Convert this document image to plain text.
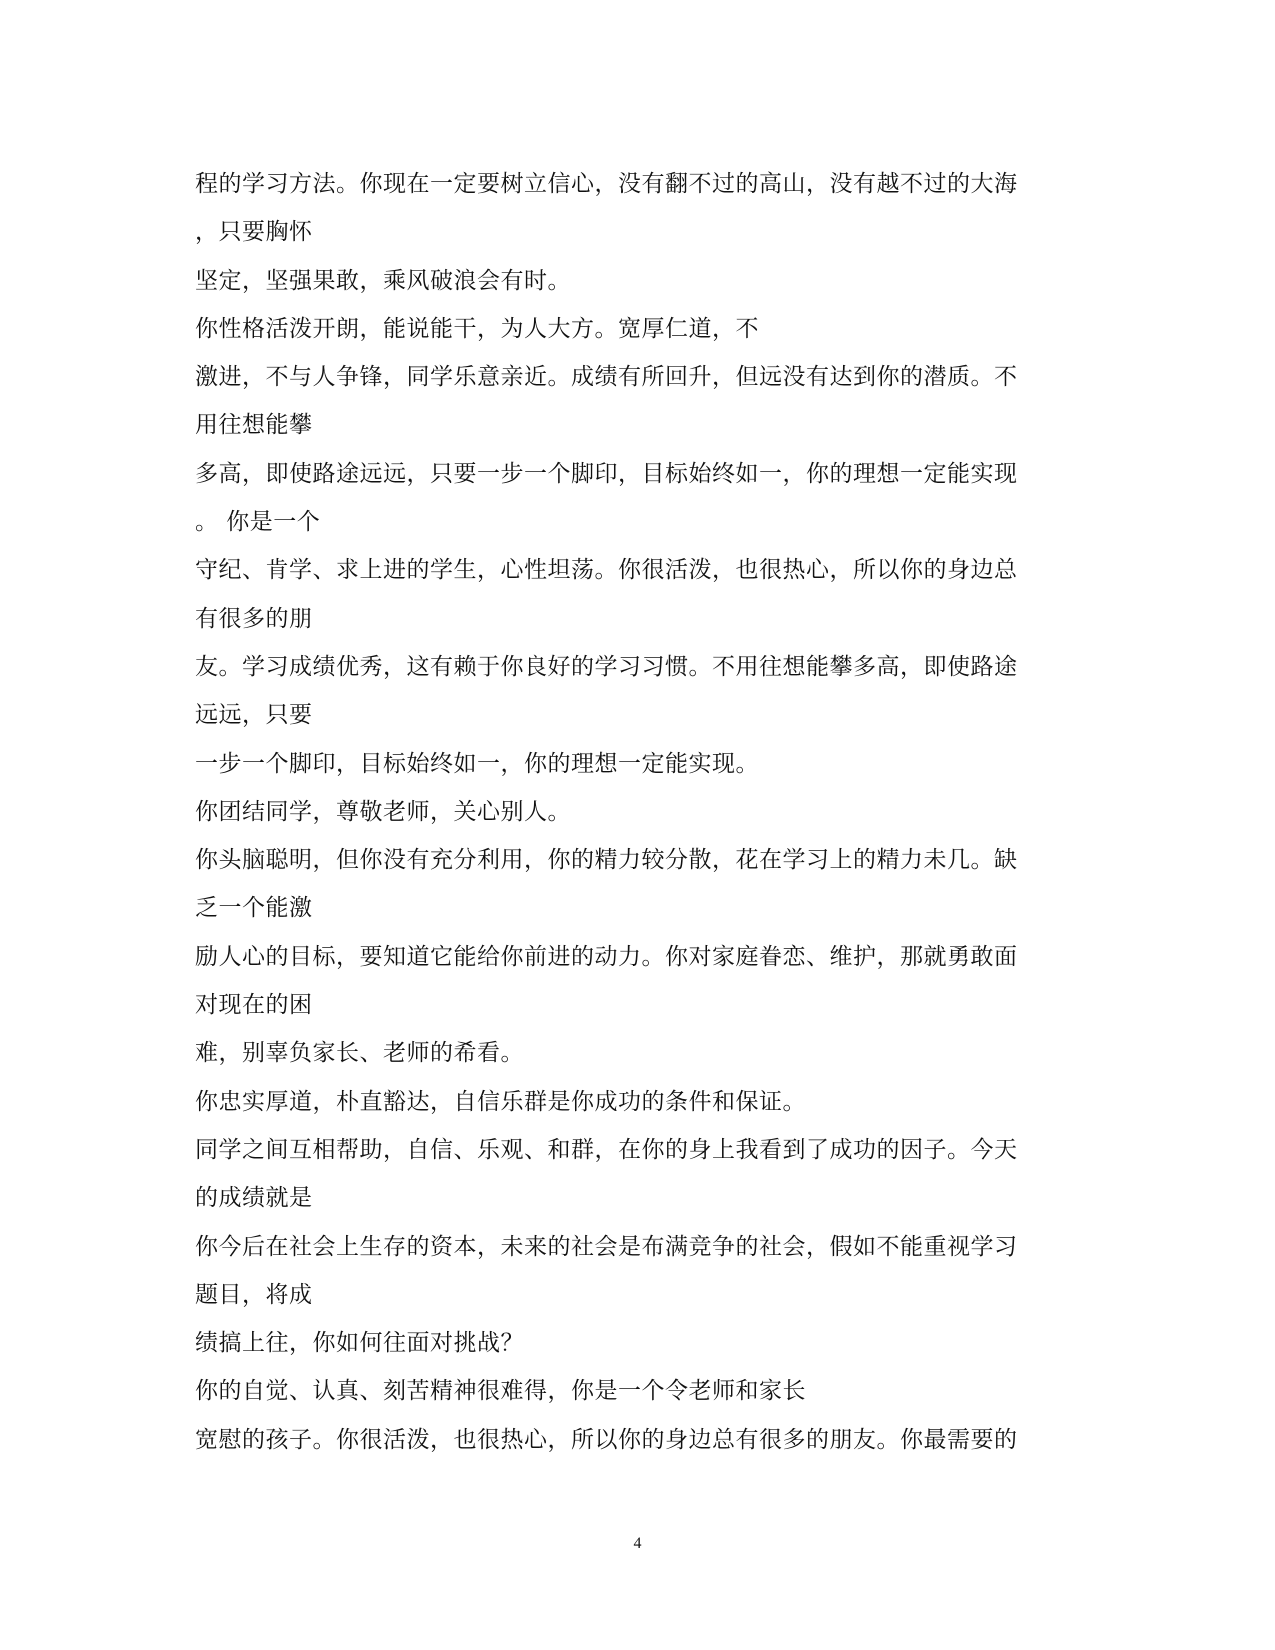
程的学习方法。你现在一定要树立信心，没有翻不过的高山，没有越不过的大海
，只要胸怀
坚定，坚强果敢，乘风破浪会有时。
你性格活泼开朗，能说能干，为人大方。宽厚仁道，不
激进，不与人争锋，同学乐意亲近。成绩有所回升，但远没有达到你的潜质。不
用往想能攀
多高，即使路途远远，只要一步一个脚印，目标始终如一，你的理想一定能实现
。 你是一个
守纪、肯学、求上进的学生，心性坦荡。你很活泼，也很热心，所以你的身边总
有很多的朋
友。学习成绩优秀，这有赖于你良好的学习习惯。不用往想能攀多高，即使路途
远远，只要
一步一个脚印，目标始终如一，你的理想一定能实现。
你团结同学，尊敬老师，关心别人。
你头脑聪明，但你没有充分利用，你的精力较分散，花在学习上的精力未几。缺
乏一个能激
励人心的目标，要知道它能给你前进的动力。你对家庭眷恋、维护，那就勇敢面
对现在的困
难，别辜负家长、老师的希看。
你忠实厚道，朴直豁达，自信乐群是你成功的条件和保证。
同学之间互相帮助，自信、乐观、和群，在你的身上我看到了成功的因子。今天
的成绩就是
你今后在社会上生存的资本，未来的社会是布满竞争的社会，假如不能重视学习
题目，将成
绩搞上往，你如何往面对挑战？
你的自觉、认真、刻苦精神很难得，你是一个令老师和家长
宽慰的孩子。你很活泼，也很热心，所以你的身边总有很多的朋友。你最需要的
4
